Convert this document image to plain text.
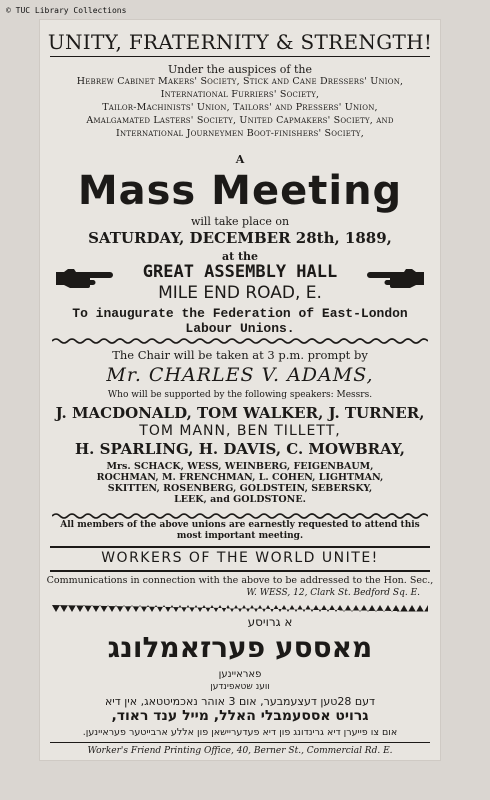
© TUC Library Collections
UNITY, FRATERNITY & STRENGTH!
Under the auspices of the
Hebrew Cabinet Makers' Society, Stick and Cane Dressers' Union,
International Furriers' Society,
Tailor-Machinists' Union, Tailors' and Pressers' Union,
Amalgamated Lasters' Society, United Capmakers' Society, and
International Journeymen Boot-finishers' Society,
A
Mass Meeting
will take place on
SATURDAY, DECEMBER 28th, 1889,
at the
GREAT ASSEMBLY HALL
MILE END ROAD, E.
To inaugurate the Federation of East-London
Labour Unions.
The Chair will be taken at 3 p.m. prompt by
Mr. CHARLES V. ADAMS,
Who will be supported by the following speakers: Messrs.
J. MACDONALD, TOM WALKER, J. TURNER,
TOM MANN, BEN TILLETT,
H. SPARLING, H. DAVIS, C. MOWBRAY,
Mrs. SCHACK, WESS, WEINBERG, FEIGENBAUM,
ROCHMAN, M. FRENCHMAN, L. COHEN, LIGHTMAN,
SKITTEN, ROSENBERG, GOLDSTEIN, SEBERSKY,
LEEK, and GOLDSTONE.
All members of the above unions are earnestly requested to attend this
most important meeting.
WORKERS OF THE WORLD UNITE!
Communications in connection with the above to be addressed to the Hon. Sec.,
W. WESS, 12, Clark St. Bedford Sq. E.
א גרויסע
מאססע פערזאמלונג
פאראיינען
ווענ שטאפינדען
דעם 28טען דעצעמבער, אום 3 אוהר נאכמיטטאג, אין דיא
גרויט אססעמבלי האלל, מייל ענד ראוד,
אום צו פייערן דיא גרינדונג פון דיא פעדעריישאן פון אללע ארבייטער פעראיינען.
Worker's Friend Printing Office, 40, Berner St., Commercial Rd. E.
